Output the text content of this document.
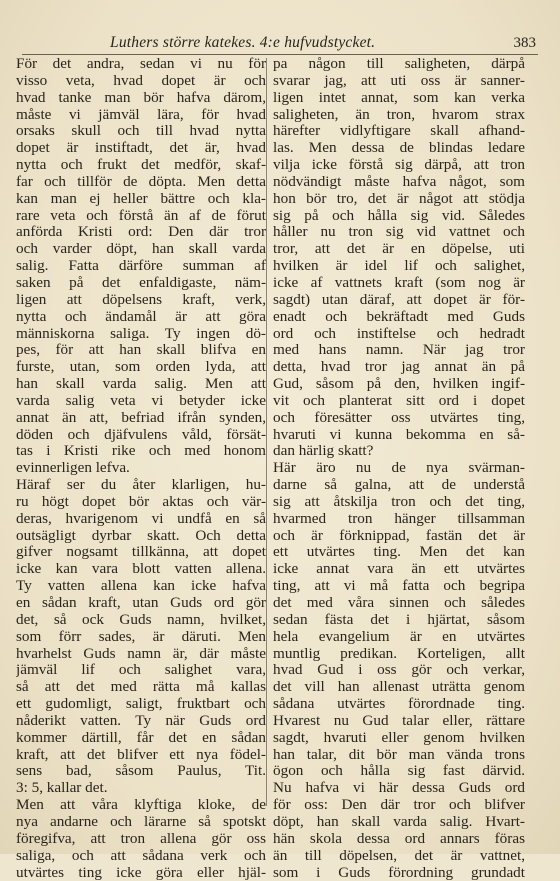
Luthers större katekes. 4:e hufvudstycket.	383
För det andra, sedan vi nu för
visso veta, hvad dopet är och
hvad tanke man bör hafva därom,
måste vi jämväl lära, för hvad
orsaks skull och till hvad nytta
dopet är instiftadt, det är, hvad
nytta och frukt det medför, skaf-
far och tillför de döpta. Men detta
kan man ej heller bättre och kla-
rare veta och förstå än af de förut
anförda Kristi ord: Den där tror
och varder döpt, han skall varda
salig. Fatta därföre summan af
saken på det enfaldigaste, näm-
ligen att döpelsens kraft, verk,
nytta och ändamål är att göra
människorna saliga. Ty ingen dö-
pes, för att han skall blifva en
furste, utan, som orden lyda, att
han skall varda salig. Men att
varda salig veta vi betyder icke
annat än att, befriad ifrån synden,
döden och djäfvulens våld, försät-
tas i Kristi rike och med honom
evinnerligen lefva.
Häraf ser du åter klarligen, hu-
ru högt dopet bör aktas och vär-
deras, hvarigenom vi undfå en så
outsägligt dyrbar skatt. Och detta
gifver nogsamt tillkänna, att dopet
icke kan vara blott vatten allena.
Ty vatten allena kan icke hafva
en sådan kraft, utan Guds ord gör
det, så ock Guds namn, hvilket,
som förr sades, är däruti. Men
hvarhelst Guds namn är, där måste
jämväl lif och salighet vara,
så att det med rätta må kallas
ett gudomligt, saligt, fruktbart och
nåderikt vatten. Ty när Guds ord
kommer därtill, får det en sådan
kraft, att det blifver ett nya födel-
sens bad, såsom Paulus, Tit.
3: 5, kallar det.
Men att våra klyftiga kloke, de
nya andarne och lärarne så spotskt
föregifva, att tron allena gör oss
saliga, och att sådana verk och
utvärtes ting icke göra eller hjäl-
pa någon till saligheten, därpå
svarar jag, att uti oss är sanner-
ligen intet annat, som kan verka
saligheten, än tron, hvarom strax
härefter vidlyftigare skall afhand-
las. Men dessa de blindas ledare
vilja icke förstå sig därpå, att tron
nödvändigt måste hafva något, som
hon bör tro, det är något att stödja
sig på och hålla sig vid. Således
håller nu tron sig vid vattnet och
tror, att det är en döpelse, uti
hvilken är idel lif och salighet,
icke af vattnets kraft (som nog är
sagdt) utan däraf, att dopet är för-
enadt och bekräftadt med Guds
ord och instiftelse och hedradt
med hans namn. När jag tror
detta, hvad tror jag annat än på
Gud, såsom på den, hvilken ingif-
vit och planterat sitt ord i dopet
och föresätter oss utvärtes ting,
hvaruti vi kunna bekomma en så-
dan härlig skatt?
Här äro nu de nya svärman-
darne så galna, att de understå
sig att åtskilja tron och det ting,
hvarmed tron hänger tillsamman
och är förknippad, fastän det är
ett utvärtes ting. Men det kan
icke annat vara än ett utvärtes
ting, att vi må fatta och begripa
det med våra sinnen och således
sedan fästa det i hjärtat, såsom
hela evangelium är en utvärtes
muntlig predikan. Korteligen, allt
hvad Gud i oss gör och verkar,
det vill han allenast uträtta genom
sådana utvärtes förordnade ting.
Hvarest nu Gud talar eller, rättare
sagdt, hvaruti eller genom hvilken
han talar, dit bör man vända trons
ögon och hålla sig fast därvid.
Nu hafva vi här dessa Guds ord
för oss: Den där tror och blifver
döpt, han skall varda salig. Hvart-
hän skola dessa ord annars föras
än till döpelsen, det är vattnet,
som i Guds förordning grundadt
